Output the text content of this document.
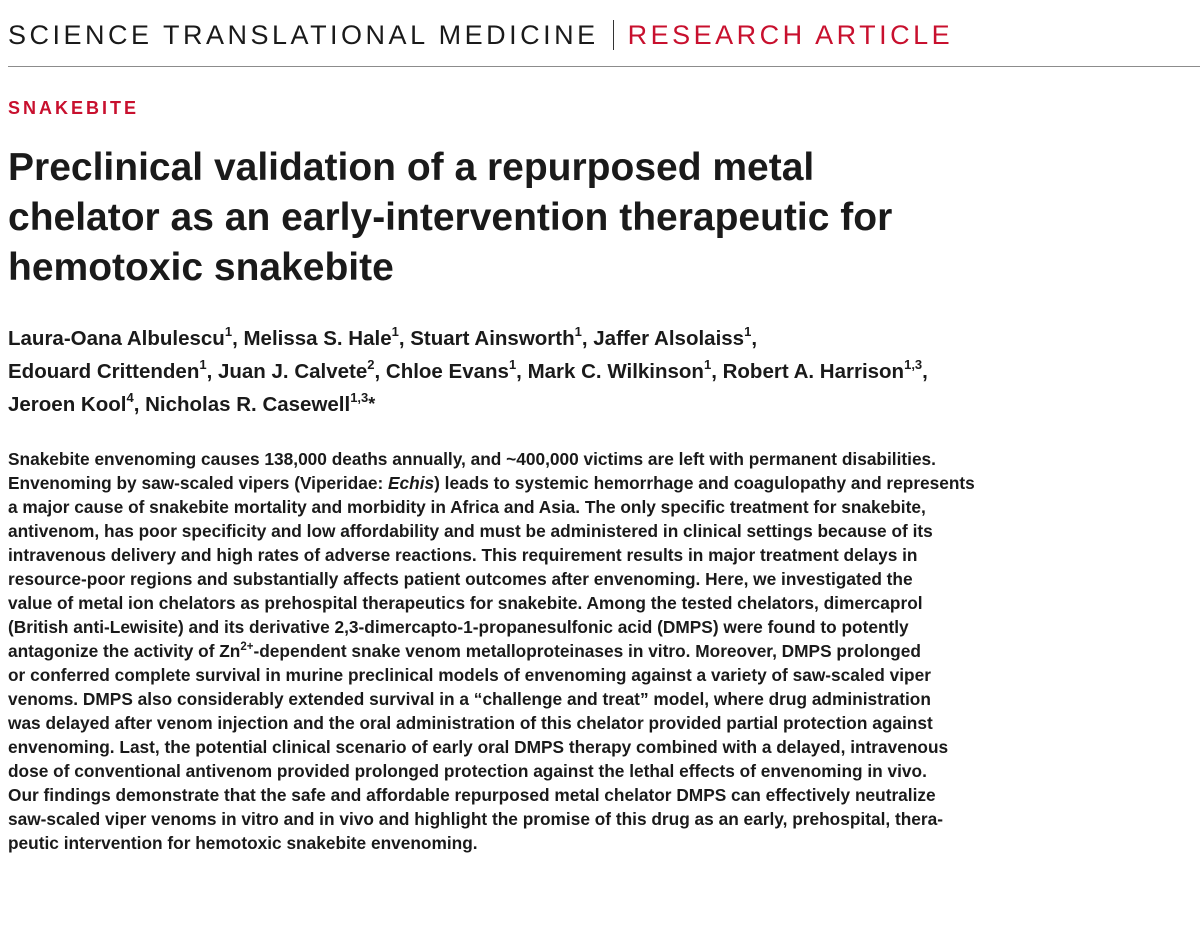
SCIENCE TRANSLATIONAL MEDICINE RESEARCH ARTICLE
SNAKEBITE
Preclinical validation of a repurposed metal
chelator as an early-intervention therapeutic for
hemotoxic snakebite
Laura-Oana Albulescu$^1$, Melissa S. Hale$^1$, Stuart Ainsworth$^1$, Jaffer Alsolaiss$^1$,
Edouard Crittenden$^1$, Juan J. Calvete$^2$, Chloe Evans$^1$, Mark C. Wilkinson$^1$, Robert A. Harrison$^{1,3}$,
Jeroen Kool$^4$, Nicholas R. Casewell$^{1,3}$*
Snakebite envenoming causes 138,000 deaths annually, and ~400,000 victims are left with permanent disabilities.
Envenoming by saw-scaled vipers (Viperidae: Echis) leads to systemic hemorrhage and coagulopathy and represents
a major cause of snakebite mortality and morbidity in Africa and Asia. The only specific treatment for snakebite,
antivenom, has poor specificity and low affordability and must be administered in clinical settings because of its
intravenous delivery and high rates of adverse reactions. This requirement results in major treatment delays in
resource-poor regions and substantially affects patient outcomes after envenoming. Here, we investigated the
value of metal ion chelators as prehospital therapeutics for snakebite. Among the tested chelators, dimercaprol
(British anti-Lewisite) and its derivative 2,3-dimercapto-1-propanesulfonic acid (DMPS) were found to potently
antagonize the activity of $Zn^{2+}$-dependent snake venom metalloproteinases in vitro. Moreover, DMPS prolonged
or conferred complete survival in murine preclinical models of envenoming against a variety of saw-scaled viper
venoms. DMPS also considerably extended survival in a “challenge and treat” model, where drug administration
was delayed after venom injection and the oral administration of this chelator provided partial protection against
envenoming. Last, the potential clinical scenario of early oral DMPS therapy combined with a delayed, intravenous
dose of conventional antivenom provided prolonged protection against the lethal effects of envenoming in vivo.
Our findings demonstrate that the safe and affordable repurposed metal chelator DMPS can effectively neutralize
saw-scaled viper venoms in vitro and in vivo and highlight the promise of this drug as an early, prehospital, thera-
peutic intervention for hemotoxic snakebite envenoming.
